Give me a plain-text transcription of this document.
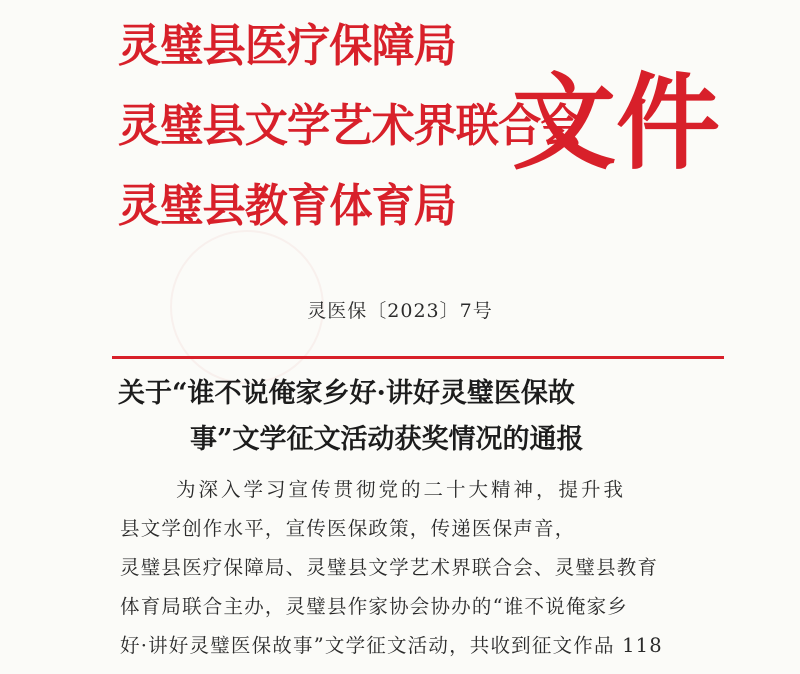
灵璧县医疗保障局
灵璧县文学艺术界联合会
灵璧县教育体育局
文件
灵医保〔2023〕7号
关于“谁不说俺家乡好·讲好灵璧医保故
事”文学征文活动获奖情况的通报
为深入学习宣传贯彻党的二十大精神，提升我
县文学创作水平，宣传医保政策，传递医保声音，
灵璧县医疗保障局、灵璧县文学艺术界联合会、灵璧县教育
体育局联合主办，灵璧县作家协会协办的“谁不说俺家乡
好·讲好灵璧医保故事”文学征文活动，共收到征文作品 118
